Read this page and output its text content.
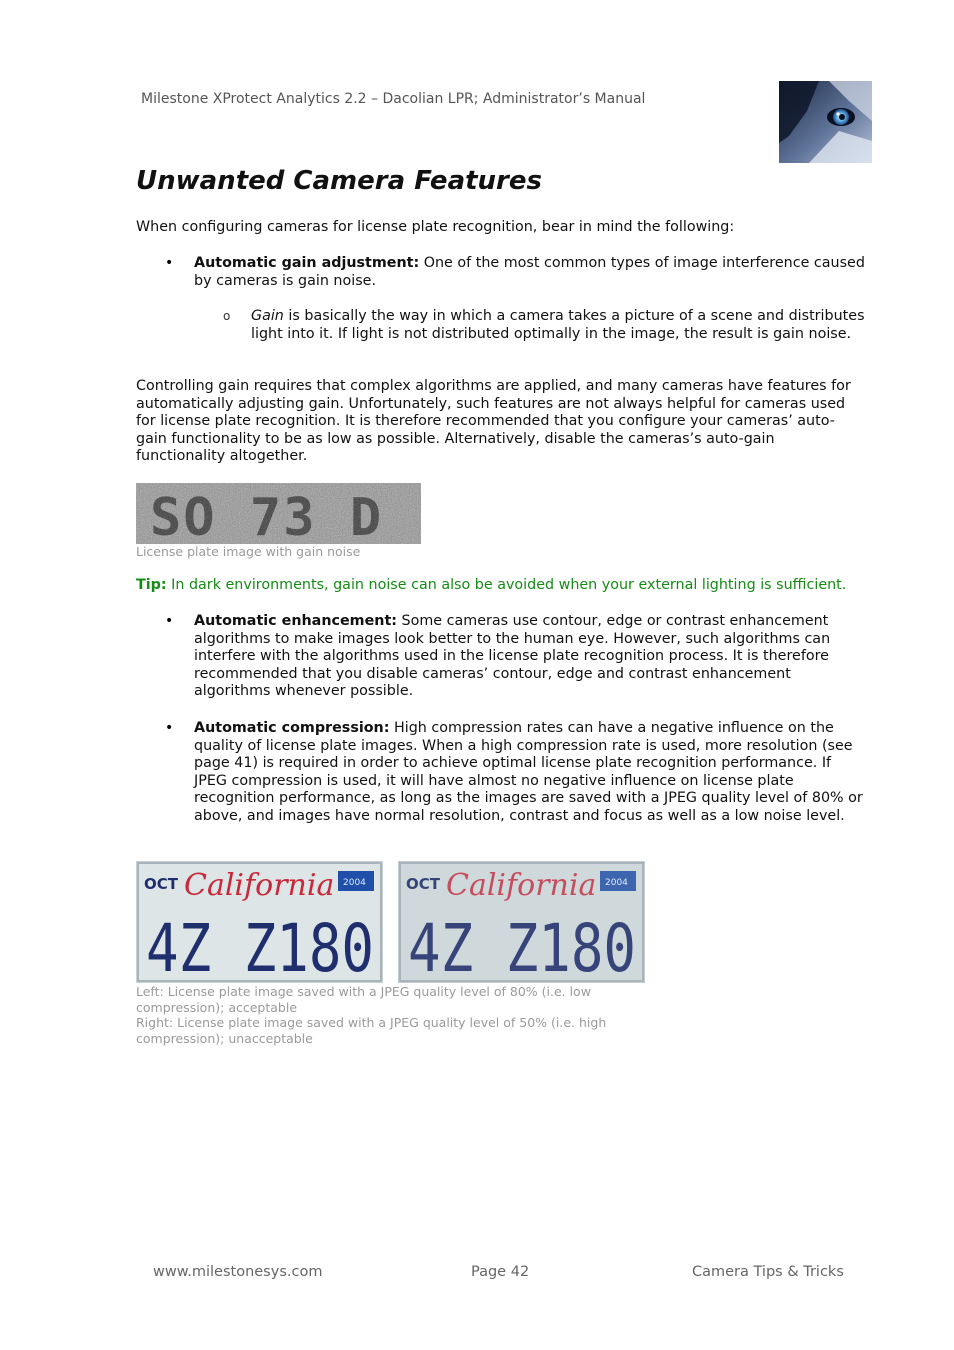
Milestone XProtect Analytics 2.2 – Dacolian LPR; Administrator’s Manual
Unwanted Camera Features
When configuring cameras for license plate recognition, bear in mind the following:
• Automatic gain adjustment: One of the most common types of image interference caused by cameras is gain noise.
o Gain is basically the way in which a camera takes a picture of a scene and distributes light into it. If light is not distributed optimally in the image, the result is gain noise.
Controlling gain requires that complex algorithms are applied, and many cameras have features for automatically adjusting gain. Unfortunately, such features are not always helpful for cameras used for license plate recognition. It is therefore recommended that you configure your cameras’ auto-gain functionality to be as low as possible. Alternatively, disable the cameras’s auto-gain functionality altogether.
SO 73 D
License plate image with gain noise
Tip: In dark environments, gain noise can also be avoided when your external lighting is sufficient.
• Automatic enhancement: Some cameras use contour, edge or contrast enhancement algorithms to make images look better to the human eye. However, such algorithms can interfere with the algorithms used in the license plate recognition process. It is therefore recommended that you disable cameras’ contour, edge and contrast enhancement algorithms whenever possible.
• Automatic compression: High compression rates can have a negative influence on the quality of license plate images. When a high compression rate is used, more resolution (see page 41) is required in order to achieve optimal license plate recognition performance. If JPEG compression is used, it will have almost no negative influence on license plate recognition performance, as long as the images are saved with a JPEG quality level of 80% or above, and images have normal resolution, contrast and focus as well as a low noise level.
OCT California 2004
4Z Z180
OCT California 2004
4Z Z180
Left: License plate image saved with a JPEG quality level of 80% (i.e. low compression); acceptable
Right: License plate image saved with a JPEG quality level of 50% (i.e. high compression); unacceptable
www.milestonesys.com	Page 42	Camera Tips & Tricks
